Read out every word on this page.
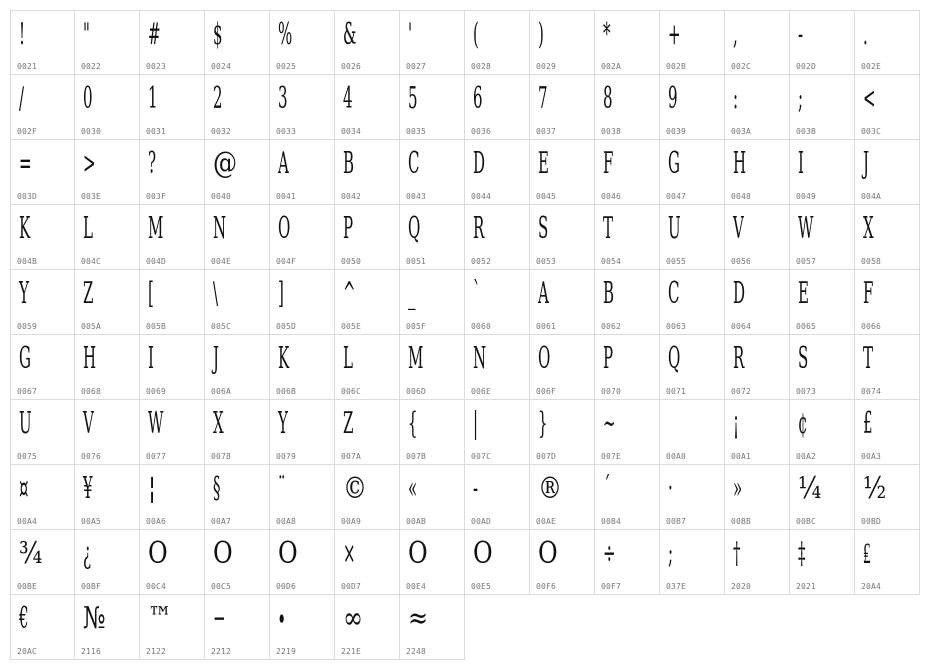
!
0021
"
0022
#
0023
$
0024
%
0025
&
0026
'
0027
(
0028
)
0029
*
002A
+
002B
,
002C
-
002D
.
002E
/
002F
0
0030
1
0031
2
0032
3
0033
4
0034
5
0035
6
0036
7
0037
8
0038
9
0039
:
003A
;
003B
<
003C
=
003D
>
003E
?
003F
@
0040
A
0041
B
0042
C
0043
D
0044
E
0045
F
0046
G
0047
H
0048
I
0049
J
004A
K
004B
L
004C
M
004D
N
004E
O
004F
P
0050
Q
0051
R
0052
S
0053
T
0054
U
0055
V
0056
W
0057
X
0058
Y
0059
Z
005A
[
005B
\
005C
]
005D
^
005E
_
005F
`
0060
A
0061
B
0062
C
0063
D
0064
E
0065
F
0066
G
0067
H
0068
I
0069
J
006A
K
006B
L
006C
M
006D
N
006E
O
006F
P
0070
Q
0071
R
0072
S
0073
T
0074
U
0075
V
0076
W
0077
X
0078
Y
0079
Z
007A
{
007B
|
007C
}
007D
~
007E	00A0
¡
00A1
¢
00A2
£
00A3
¤
00A4
¥
00A5
¦
00A6
§
00A7
¨
00A8
©
00A9
«
00AB
-
00AD
®
00AE
´
00B4
·
00B7
»
00BB
¼
00BC
½
00BD
¾
00BE
¿
00BF
O
00C4
O
00C5
O
00D6
×
00D7
O
00E4
O
00E5
O
00F6
÷
00F7
;
037E
†
2020
‡
2021
₤
20A4
€
20AC
№
2116
™
2122
−
2212
∙
2219
∞
221E
≈
2248
